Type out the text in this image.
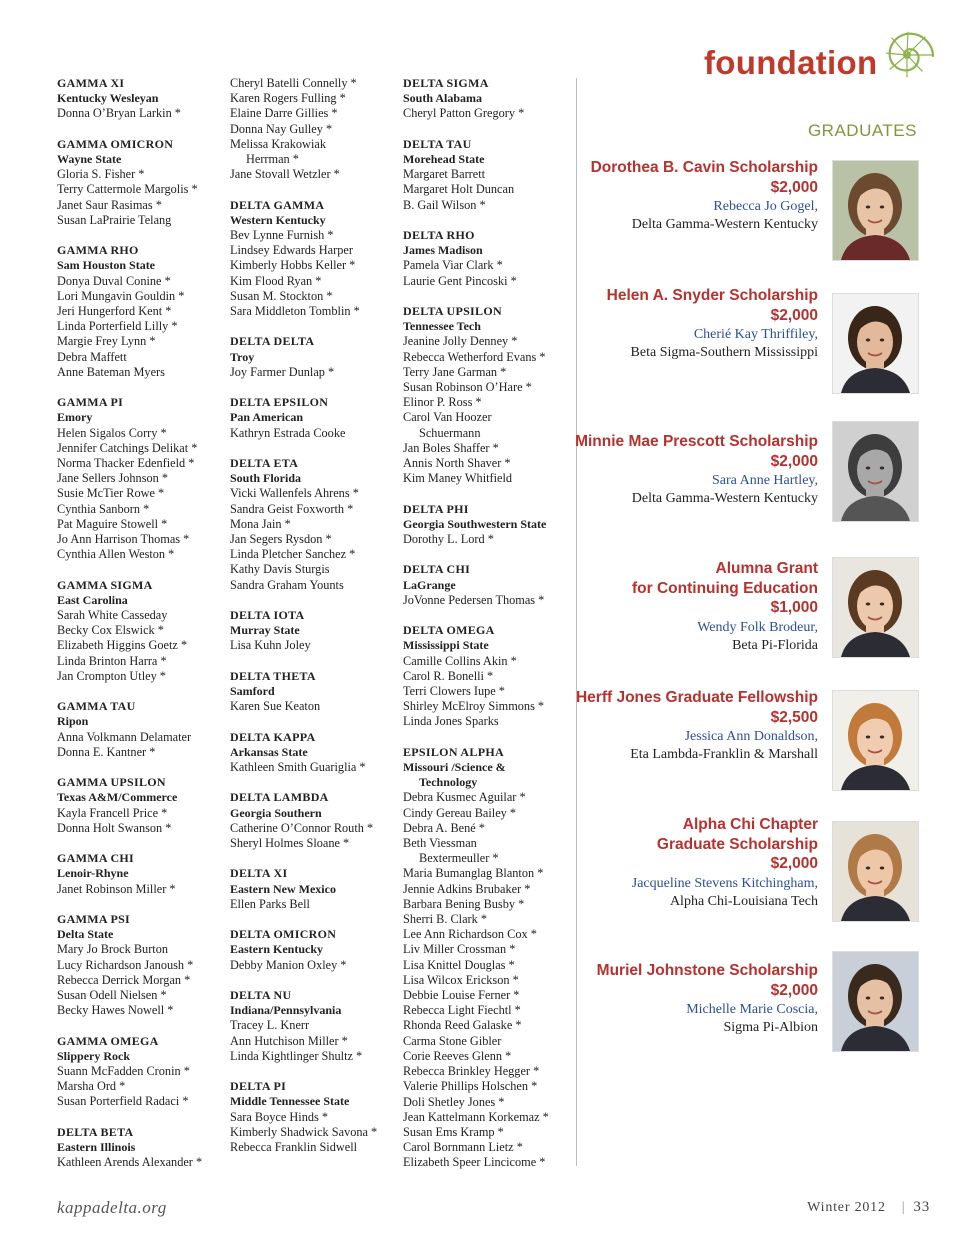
foundation
GRADUATES
GAMMA XI
Kentucky Wesleyan
Donna O’Bryan Larkin *
GAMMA OMICRON
Wayne State
Gloria S. Fisher *
Terry Cattermole Margolis *
Janet Saur Rasimas *
Susan LaPrairie Telang
GAMMA RHO
Sam Houston State
Donya Duval Conine *
Lori Mungavin Gouldin *
Jeri Hungerford Kent *
Linda Porterfield Lilly *
Margie Frey Lynn *
Debra Maffett
Anne Bateman Myers
GAMMA PI
Emory
Helen Sigalos Corry *
Jennifer Catchings Delikat *
Norma Thacker Edenfield *
Jane Sellers Johnson *
Susie McTier Rowe *
Cynthia Sanborn *
Pat Maguire Stowell *
Jo Ann Harrison Thomas *
Cynthia Allen Weston *
GAMMA SIGMA
East Carolina
Sarah White Casseday
Becky Cox Elswick *
Elizabeth Higgins Goetz *
Linda Brinton Harra *
Jan Crompton Utley *
GAMMA TAU
Ripon
Anna Volkmann Delamater
Donna E. Kantner *
GAMMA UPSILON
Texas A&M/Commerce
Kayla Francell Price *
Donna Holt Swanson *
GAMMA CHI
Lenoir-Rhyne
Janet Robinson Miller *
GAMMA PSI
Delta State
Mary Jo Brock Burton
Lucy Richardson Janoush *
Rebecca Derrick Morgan *
Susan Odell Nielsen *
Becky Hawes Nowell *
GAMMA OMEGA
Slippery Rock
Suann McFadden Cronin *
Marsha Ord *
Susan Porterfield Radaci *
DELTA BETA
Eastern Illinois
Kathleen Arends Alexander *
Cheryl Batelli Connelly *
Karen Rogers Fulling *
Elaine Darre Gillies *
Donna Nay Gulley *
Melissa Krakowiak
Herrman *
Jane Stovall Wetzler *
DELTA GAMMA
Western Kentucky
Bev Lynne Furnish *
Lindsey Edwards Harper
Kimberly Hobbs Keller *
Kim Flood Ryan *
Susan M. Stockton *
Sara Middleton Tomblin *
DELTA DELTA
Troy
Joy Farmer Dunlap *
DELTA EPSILON
Pan American
Kathryn Estrada Cooke
DELTA ETA
South Florida
Vicki Wallenfels Ahrens *
Sandra Geist Foxworth *
Mona Jain *
Jan Segers Rysdon *
Linda Pletcher Sanchez *
Kathy Davis Sturgis
Sandra Graham Younts
DELTA IOTA
Murray State
Lisa Kuhn Joley
DELTA THETA
Samford
Karen Sue Keaton
DELTA KAPPA
Arkansas State
Kathleen Smith Guariglia *
DELTA LAMBDA
Georgia Southern
Catherine O’Connor Routh *
Sheryl Holmes Sloane *
DELTA XI
Eastern New Mexico
Ellen Parks Bell
DELTA OMICRON
Eastern Kentucky
Debby Manion Oxley *
DELTA NU
Indiana/Pennsylvania
Tracey L. Knerr
Ann Hutchison Miller *
Linda Kightlinger Shultz *
DELTA PI
Middle Tennessee State
Sara Boyce Hinds *
Kimberly Shadwick Savona *
Rebecca Franklin Sidwell
DELTA SIGMA
South Alabama
Cheryl Patton Gregory *
DELTA TAU
Morehead State
Margaret Barrett
Margaret Holt Duncan
B. Gail Wilson *
DELTA RHO
James Madison
Pamela Viar Clark *
Laurie Gent Pincoski *
DELTA UPSILON
Tennessee Tech
Jeanine Jolly Denney *
Rebecca Wetherford Evans *
Terry Jane Garman *
Susan Robinson O’Hare *
Elinor P. Ross *
Carol Van Hoozer
Schuermann
Jan Boles Shaffer *
Annis North Shaver *
Kim Maney Whitfield
DELTA PHI
Georgia Southwestern State
Dorothy L. Lord *
DELTA CHI
LaGrange
JoVonne Pedersen Thomas *
DELTA OMEGA
Mississippi State
Camille Collins Akin *
Carol R. Bonelli *
Terri Clowers Iupe *
Shirley McElroy Simmons *
Linda Jones Sparks
EPSILON ALPHA
Missouri /Science &
Technology
Debra Kusmec Aguilar *
Cindy Gereau Bailey *
Debra A. Bené *
Beth Viessman
Bextermeuller *
Maria Bumanglag Blanton *
Jennie Adkins Brubaker *
Barbara Bening Busby *
Sherri B. Clark *
Lee Ann Richardson Cox *
Liv Miller Crossman *
Lisa Knittel Douglas *
Lisa Wilcox Erickson *
Debbie Louise Ferner *
Rebecca Light Fiechtl *
Rhonda Reed Galaske *
Carma Stone Gibler
Corie Reeves Glenn *
Rebecca Brinkley Hegger *
Valerie Phillips Holschen *
Doli Shetley Jones *
Jean Kattelmann Korkemaz *
Susan Ems Kramp *
Carol Bornmann Lietz *
Elizabeth Speer Lincicome *
Dorothea B. Cavin Scholarship
$2,000
Rebecca Jo Gogel,
Delta Gamma-Western Kentucky
Helen A. Snyder Scholarship
$2,000
Cherié Kay Thriffiley,
Beta Sigma-Southern Mississippi
Minnie Mae Prescott Scholarship
$2,000
Sara Anne Hartley,
Delta Gamma-Western Kentucky
Alumna Grant
for Continuing Education
$1,000
Wendy Folk Brodeur,
Beta Pi-Florida
Herff Jones Graduate Fellowship
$2,500
Jessica Ann Donaldson,
Eta Lambda-Franklin & Marshall
Alpha Chi Chapter
Graduate Scholarship
$2,000
Jacqueline Stevens Kitchingham,
Alpha Chi-Louisiana Tech
Muriel Johnstone Scholarship
$2,000
Michelle Marie Coscia,
Sigma Pi-Albion
kappadelta.org	Winter 2012 | 33
